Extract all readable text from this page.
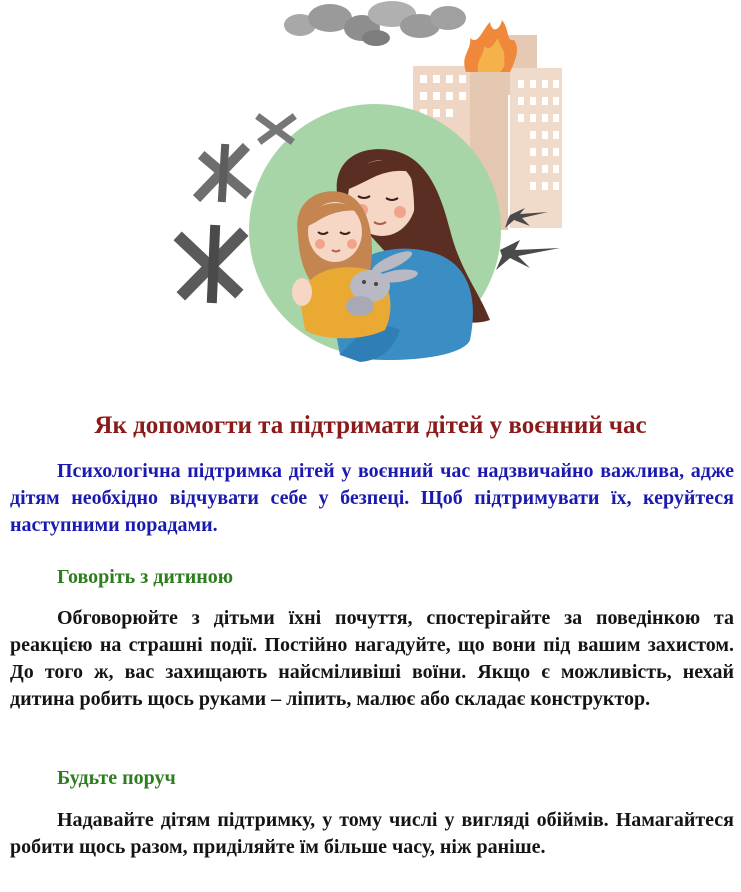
Як допомогти та підтримати дітей у воєнний час

Психологічна підтримка дітей у воєнний час надзвичайно важлива, адже дітям необхідно відчувати себе у безпеці. Щоб підтримувати їх, керуйтеся наступними порадами.

Говоріть з дитиною

Обговорюйте з дітьми їхні почуття, спостерігайте за поведінкою та реакцією на страшні події. Постійно нагадуйте, що вони під вашим захистом. До того ж, вас захищають найсміливіші воїни. Якщо є можливість, нехай дитина робить щось руками – ліпить, малює або складає конструктор.

Будьте поруч

Надавайте дітям підтримку, у тому числі у вигляді обіймів. Намагайтеся робити щось разом, приділяйте їм більше часу, ніж раніше.
